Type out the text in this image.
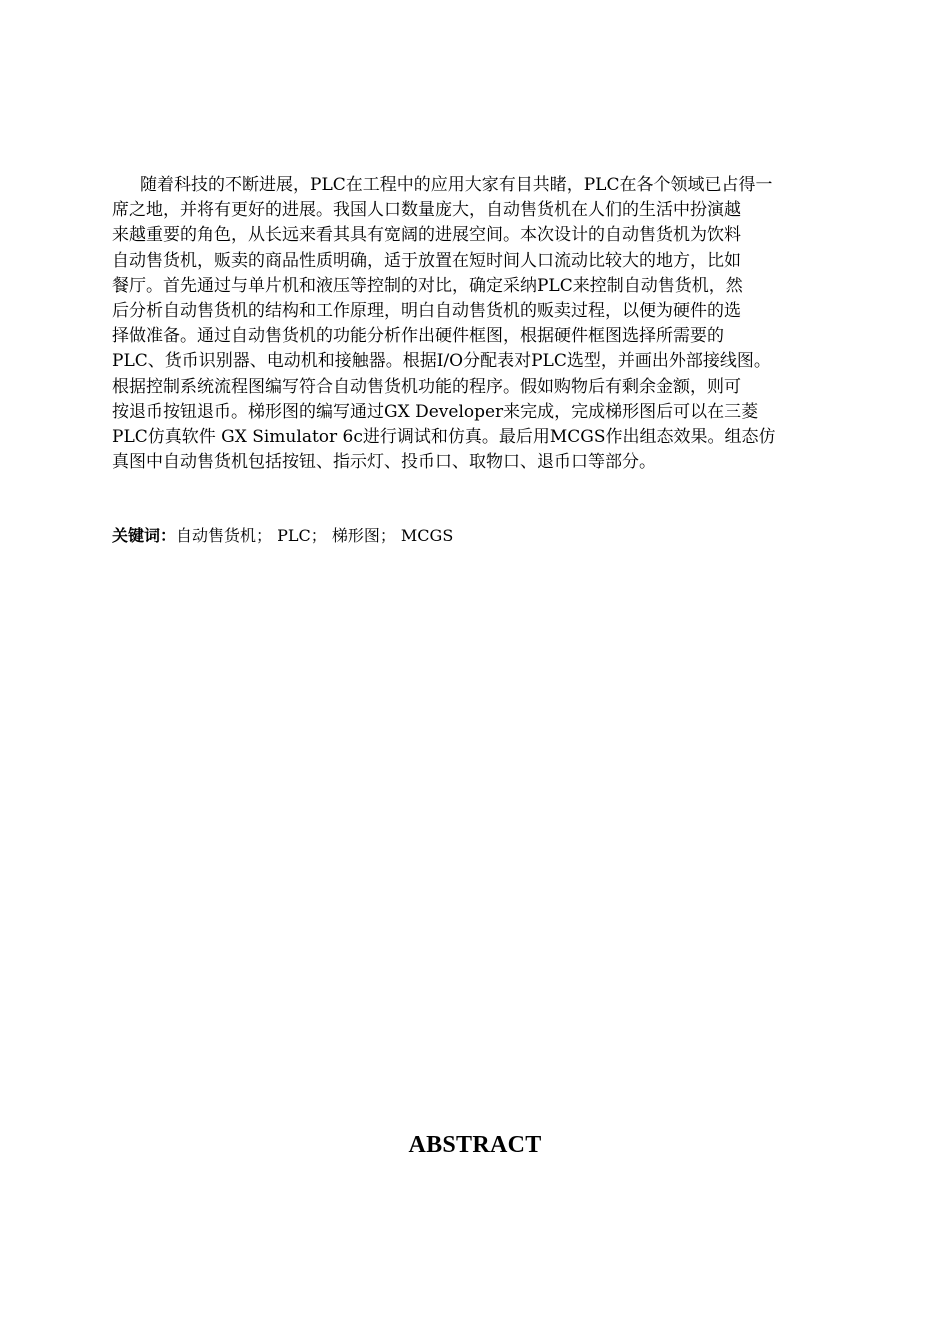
随着科技的不断进展，PLC在工程中的应用大家有目共睹，PLC在各个领域已占得一
席之地，并将有更好的进展。我国人口数量庞大，自动售货机在人们的生活中扮演越
来越重要的角色，从长远来看其具有宽阔的进展空间。本次设计的自动售货机为饮料
自动售货机，贩卖的商品性质明确，适于放置在短时间人口流动比较大的地方，比如
餐厅。首先通过与单片机和液压等控制的对比，确定采纳PLC来控制自动售货机，然
后分析自动售货机的结构和工作原理，明白自动售货机的贩卖过程，以便为硬件的选
择做准备。通过自动售货机的功能分析作出硬件框图，根据硬件框图选择所需要的
PLC、货币识别器、电动机和接触器。根据I/O分配表对PLC选型，并画出外部接线图。
根据控制系统流程图编写符合自动售货机功能的程序。假如购物后有剩余金额，则可
按退币按钮退币。梯形图的编写通过GX Developer来完成，完成梯形图后可以在三菱
PLC仿真软件 GX Simulator 6c进行调试和仿真。最后用MCGS作出组态效果。组态仿
真图中自动售货机包括按钮、指示灯、投币口、取物口、退币口等部分。
关键词：自动售货机； PLC； 梯形图； MCGS
ABSTRACT
